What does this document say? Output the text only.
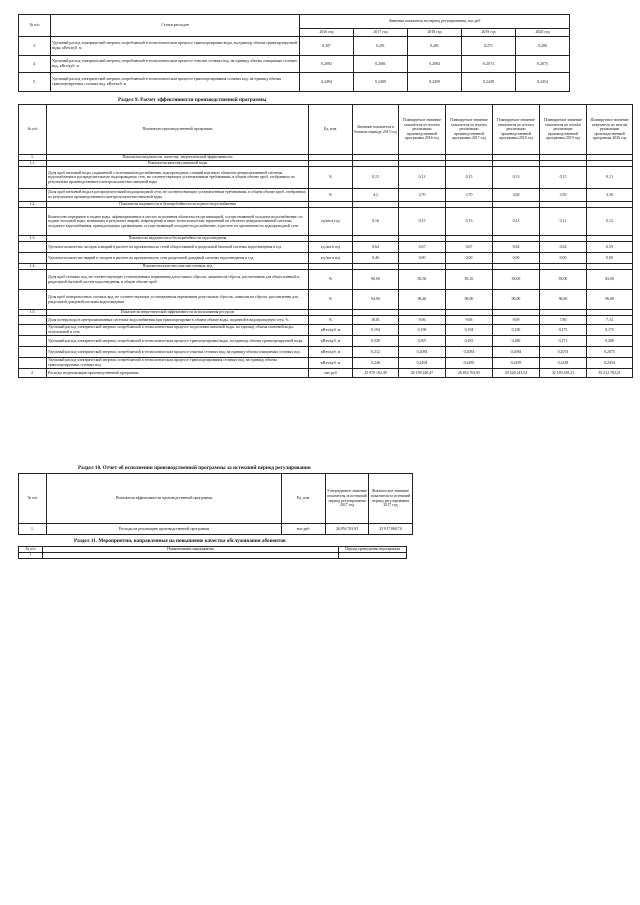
№ п/п	Статьи расходов	Значения показателя на период регулирования, тыс.руб				
		2016 год	2017 год	2018 год	2019 год	2020 год
3.	Удельный расход электрической энергии, потребляемой в технологическом процессе транспортировки воды, на единицу объема транспортируемой воды, кВтч/куб. м	0,307	0,291	0,281	0,271	0,280
4.	Удельный расход электрической энергии, потребляемой в технологическом процессе очистки сточных вод, на единицу объема очищаемых сточных вод, кВтч/куб. м	0,2083	0,2081	0,2084	0,2074	0,2075
5.	Удельный расход электрической энергии, потребляемой в технологическом процессе транспортирования сточных вод, на единицу объема транспортируемых сточных вод, кВтч/куб. м	0,2494	0,2489	0,2459	0,2438	0,2454
Раздел 9. Расчет эффективности производственной программы
№ п/п	Показатели производственной программы	Ед. изм.	Значение показателя в базовом периоде 2015 год	Планируемое значение показателя по итогам реализации производственной программы 2016 год	Планируемое значение показателя по итогам реализации производственной программы 2017 год	Планируемое значение показателя по итогам реализации производственной программы 2018 год	Планируемое значение показателя по итогам реализации производственной программы 2019 год	Планируемое значение показателя по итогам реализации производственной программы 2020 год
1.	Показатели надежности, качества, энергетической эффективности							
1.1.	Показатели качества питьевой воды							
	Доля проб питьевой воды, подаваемой с источников водоснабжения, водопроводных станций или иных объектов централизованной системы водоснабжения в распределительную водопроводную сеть, не соответствующих установленным требованиям, в общем объеме проб, отобранных по результатам производственного контроля качества питьевой воды	%	0,15	0,13	0,15	0,13	0,15	0,13
	Доля проб питьевой воды в распределительной водопроводной сети, не соответствующих установленным требованиям, в общем объеме проб, отобранных по результатам производственного контроля качества питьевой воды	%	4,2	3,70	3,70	3,60	3,50	3,30
1.2.	Показатели надежности и бесперебойности холодного водоснабжения							
	Количество перерывов в подаче воды, зафиксированных в местах исполнения обязательств организацией, осуществляющей холодное водоснабжение, по подаче холодной воды, возникших в результате аварий, повреждений и иных технологических нарушений на объектах централизованной системы холодного водоснабжения, принадлежащих организации, осуществляющей холодное водоснабжение, в расчете на протяженность водопроводной сети	ед/км в год	0,16	0,15	0,13	0,13	0,12	0,12
1.3.	Показатели надежности и бесперебойности водоотведения							
	Удельное количество засоров и аварий в расчете на протяженность сетей общесплавной и раздельной бытовой системы водоотведения в год	ед./км в год	0,64	0,67	0,67	0,64	0,62	0,59
	Удельное количество аварий и засоров в расчете на протяженность сети раздельной дождевой системы водоотведения в год	ед./км в год	0,46	0,00	0,00	0,00	0,00	0,00
1.4.	Показатели качества очистки сточных вод							
	Доля проб сточных вод, не соответствующих установленным нормативам допустимых сбросов, лимитам на сбросы, рассчитанная для общесплавной и раздельной бытовой систем водоотведения, в общем объеме проб	%	90,00	83,50	83,16	83,00	83,00	83,00
	Доля проб поверхностных сточных вод, не соответствующих установленным нормативам допустимых сбросов, лимитам на сбросы, рассчитанная для раздельной дождевой системы водоотведения	%	94,90	96,40	96,00	96,00	96,00	96,00
1.5.	Показатели энергетической эффективности использования ресурсов							
	Доля потерь воды в централизованных системах водоснабжения при транспортировке в общем объеме воды, поданной в водопроводную сеть, %	%	10,01	9,06	9,06	9,09	7,80	7,14
	Удельный расход электрической энергии, потребляемой в технологическом процессе подготовки питьевой воды, на единицу объема питьевой воды, отпускаемой в сеть	кВтч/куб. м	0,194	0,190	0,194	0,190	0,175	0,175
	Удельный расход электрической энергии, потребляемой в технологическом процессе транспортировки воды, на единицу объема транспортируемой воды	кВтч/куб. м	0,320	0,307	0,281	0,280	0,271	0,280
	Удельный расход электрической энергии, потребляемой в технологическом процессе очистки сточных вод, на единицу объема очищаемых сточных вод	кВтч/куб. м	0,212	0,2083	0,2083	0,2084	0,2074	0,2075
	Удельный расход электрической энергии, потребляемой в технологическом процессе транспортирования сточных вод, на единицу объема транспортируемых сточных вод	кВтч/куб. м	0,248	0,2494	0,2485	0,2459	0,2438	0,2454
2.	Расходы на реализацию производственной программы	тыс.руб	25 970 192,40	26 109 240,47	26 854 763,95	29 426 243,52	32 149 438,21	35 212 783,21
Раздел 10. Отчет об исполнении производственной программы за истекший период регулирования
№ п/п	Показатели эффективности производственной программы	Ед. изм.	Утвержденное значение показателя за истекший период регулирования 2017 год	Фактическое значение показателя за истекший период регулирования 2017 год
1.	Расходы на реализацию производственной программы	тыс.руб.	26 854 763,95	25 917 868,76
Раздел 11. Мероприятия, направленные на повышение качества обслуживания абонентов
№ п/п	Наименование мероприятия	Период проведения мероприятия
1		
